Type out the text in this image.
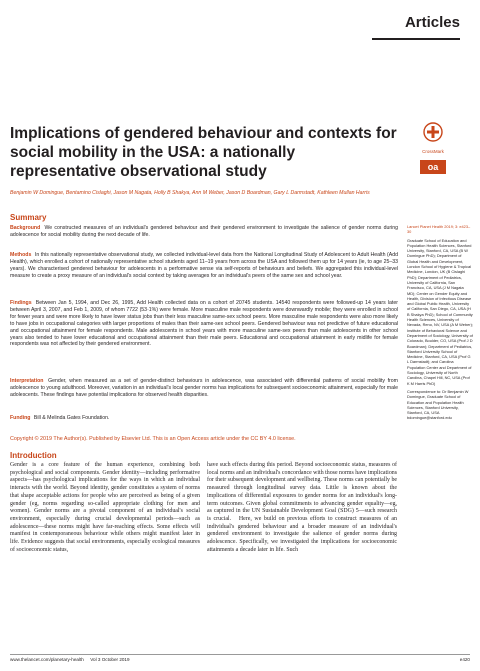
Articles
Implications of gendered behaviour and contexts for social mobility in the USA: a nationally representative observational study
Benjamin W Domingue, Bentamino Cislaghi, Jason M Nagata, Holly B Shakya, Ann M Weber, Jason D Boardman, Gary L Darmstadt, Kathleen Mullan Harris
CrossMark
oa
Summary

Background We constructed measures of an individual's gendered behaviour and their gendered environment to investigate the salience of gender norms during adolescence for social mobility during the next decade of life.

Methods In this nationally representative observational study, we collected individual-level data from the National Longitudinal Study of Adolescent to Adult Health (Add Health), which enrolled a cohort of nationally representative school students aged 11–19 years from across the USA and followed them up for 14 years (ie, to age 25–33 years). We characterised gendered behaviour for adolescents in a performative sense via self-reports of behaviours and beliefs. We aggregated this individual-level measure to create a proxy measure of an individual's social context by taking averages for an individual's peers of the same sex and school year.

Findings Between Jan 5, 1994, and Dec 26, 1995, Add Health collected data on a cohort of 20745 students. 14540 respondents were followed-up 14 years later between April 3, 2007, and Feb 1, 2009, of whom 7722 (53·1%) were female. More masculine male respondents were downwardly mobile; they were enrolled in school for fewer years and were more likely to have lower status jobs than their less masculine same-sex school peers. More masculine male respondents were also more likely to have jobs in occupational categories with larger proportions of males than their same-sex school peers. Gendered behaviour was not predictive of future educational and occupational attainment for female respondents. Male adolescents in school years with more masculine same-sex peers than male adolescents in other school years also tended to have lower educational and occupational attainment than their male peers. Educational and occupational attainment in early midlife for female respondents was not affected by their gendered environment.

Interpretation Gender, when measured as a set of gender-distinct behaviours in adolescence, was associated with differential patterns of social mobility from adolescence to young adulthood. Moreover, variation in an individual's local gender norms has implications for subsequent socioeconomic attainment, especially for male adolescents. These findings have potential implications for observed health disparities.

Funding Bill & Melinda Gates Foundation.

Copyright © 2019 The Author(s). Published by Elsevier Ltd. This is an Open Access article under the CC BY 4.0 license.

Lancet Planet Health 2019; 3: e423–30

Graduate School of Education and Population Health Sciences, Stanford University, Stanford, CA, USA (B W Domingue PhD); Department of Global Health and Development, London School of Hygiene & Tropical Medicine, London, UK (B Cislaghi PhD); Department of Pediatrics, University of California, San Francisco, CA, USA (J M Nagata MD); Center on Gender Equity and Health, Division of Infectious Disease and Global Public Health, University of California, San Diego, CA, USA (H B Shakya PhD); School of Community Health Sciences, University of Nevada, Reno, NV, USA (A M Weber); Institute of Behavioral Science and Department of Sociology, University of Colorado, Boulder, CO, USA (Prof J D Boardman); Department of Pediatrics, Stanford University School of Medicine, Stanford, CA, USA (Prof G L Darmstadt); and Carolina Population Center and Department of Sociology, University of North Carolina, Chapel Hill, NC, USA (Prof K M Harris PhD)

Correspondence to: Dr Benjamin W Domingue, Graduate School of Education and Population Health Sciences, Stanford University, Stanford, CA, USA bdomingue@stanford.edu

Introduction

Gender is a core feature of the human experience, combining both psychological and social components. Gender identity—including performative aspects—has psychological implications for the ways in which an individual interacts with the world. Beyond identity, gender constitutes a system of norms that shape acceptable actions for people who are perceived as being of a given gender (eg, norms regarding so-called appropriate clothing for men and women). Gender norms are a pivotal component of an individual's social environment, especially during crucial developmental periods—such as adolescence—these norms might have far-reaching effects. Some effects will manifest in contemporaneous behaviour while others might manifest later in life. Evidence suggests that social environments, especially ecological measures of socioeconomic status,

have such effects during this period. Beyond socioeconomic status, measures of local norms and an individual's concordance with those norms have implications for their subsequent development and wellbeing. These norms can potentially be measured through longitudinal survey data. Little is known about the implications of differential exposures to gender norms for an individual's long-term outcomes. Given global commitments to advancing gender equality—eg, as captured in the UN Sustainable Development Goal (SDG) 5—such research is crucial.   Here, we build on previous efforts to construct measures of an individual's gendered behaviour and a broader measure of an individual's gendered environment to investigate the salience of gender norms during adolescence. Specifically, we investigated the implications for socioeconomic attainments a decade later in life. Such

www.thelancet.com/planetary-health Vol 3 October 2019	e420
